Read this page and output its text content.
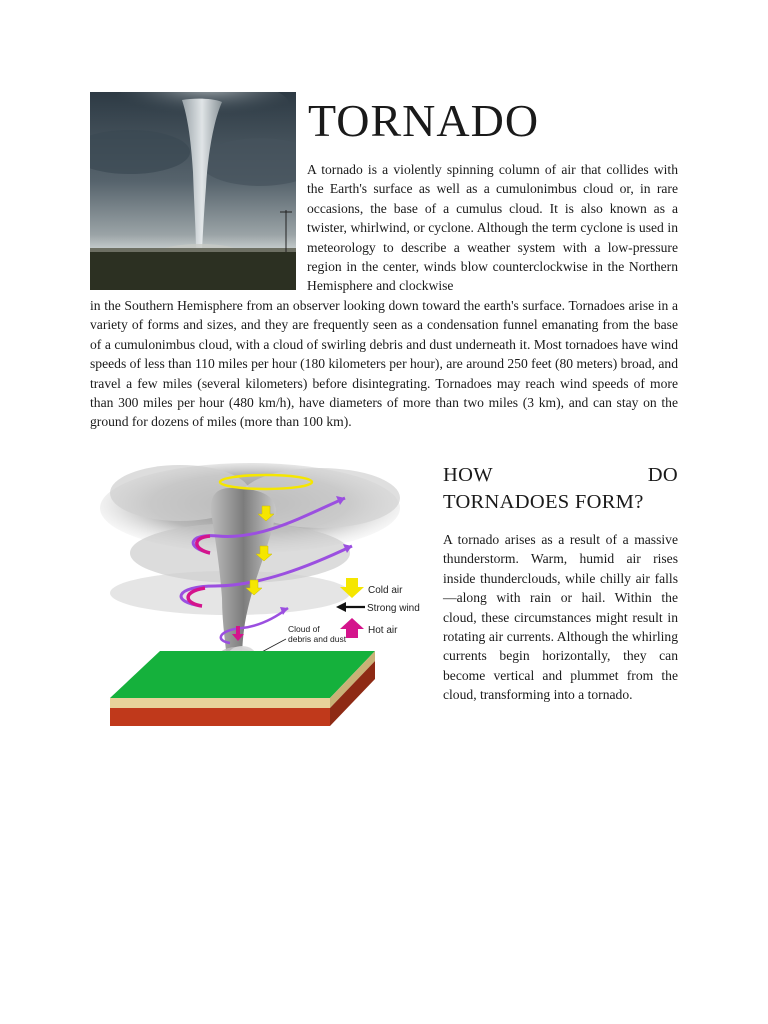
TORNADO

A tornado is a violently spinning column of air that collides with the Earth's surface as well as a cumulonimbus cloud or, in rare occasions, the base of a cumulus cloud. It is also known as a twister, whirlwind, or cyclone. Although the term cyclone is used in meteorology to describe a weather system with a low-pressure region in the center, winds blow counterclockwise in the Northern Hemisphere and clockwise

in the Southern Hemisphere from an observer looking down toward the earth's surface. Tornadoes arise in a variety of forms and sizes, and they are frequently seen as a condensation funnel emanating from the base of a cumulonimbus cloud, with a cloud of swirling debris and dust underneath it. Most tornadoes have wind speeds of less than 110 miles per hour (180 kilometers per hour), are around 250 feet (80 meters) broad, and travel a few miles (several kilometers) before disintegrating. Tornadoes may reach wind speeds of more than 300 miles per hour (480 km/h), have diameters of more than two miles (3 km), and can stay on the ground for dozens of miles (more than 100 km).

Cold air
Strong wind
Hot air
Cloud of
debris and dust
HOW	DO
TORNADOES FORM?

A tornado arises as a result of a massive thunderstorm. Warm, humid air rises inside thunderclouds, while chilly air falls—along with rain or hail. Within the cloud, these circumstances might result in rotating air currents. Although the whirling currents begin horizontally, they can become vertical and plummet from the cloud, transforming into a tornado.
